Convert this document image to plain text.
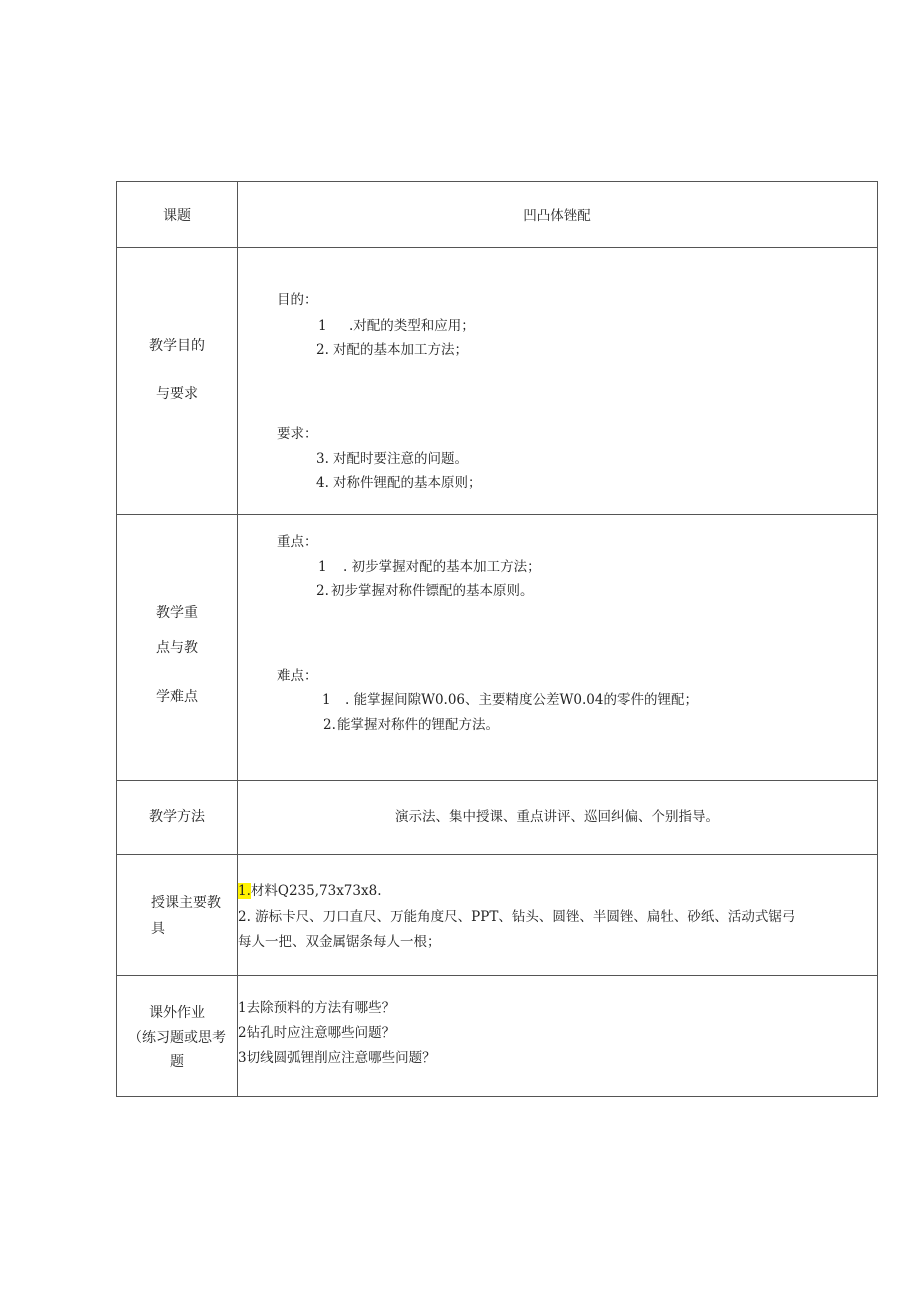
课题	凹凸体锉配
教学目的
与要求
目的：
1 .对配的类型和应用；
2. 对配的基本加工方法；
要求：
3. 对配时要注意的问题。
4. 对称件锂配的基本原则；
教学重
点与教
学难点
重点：
1 . 初步掌握对配的基本加工方法；
2. 初步掌握对称件镖配的基本原则。
难点：
1 . 能掌握间隙W0.06、主要精度公差W0.04的零件的锂配；
2. 能掌握对称件的锂配方法。
教学方法	演示法、集中授课、重点讲评、巡回纠偏、个别指导。
授课主要教
具
1.材料Q235,73x73x8.
2. 游标卡尺、刀口直尺、万能角度尺、PPT、钻头、圆锉、半圆锉、扁牡、砂纸、活动式锯弓
每人一把、双金属锯条每人一根；
课外作业
（练习题或思考
题
1去除预料的方法有哪些？
2钻孔时应注意哪些问题？
3切线圆弧锂削应注意哪些问题？
